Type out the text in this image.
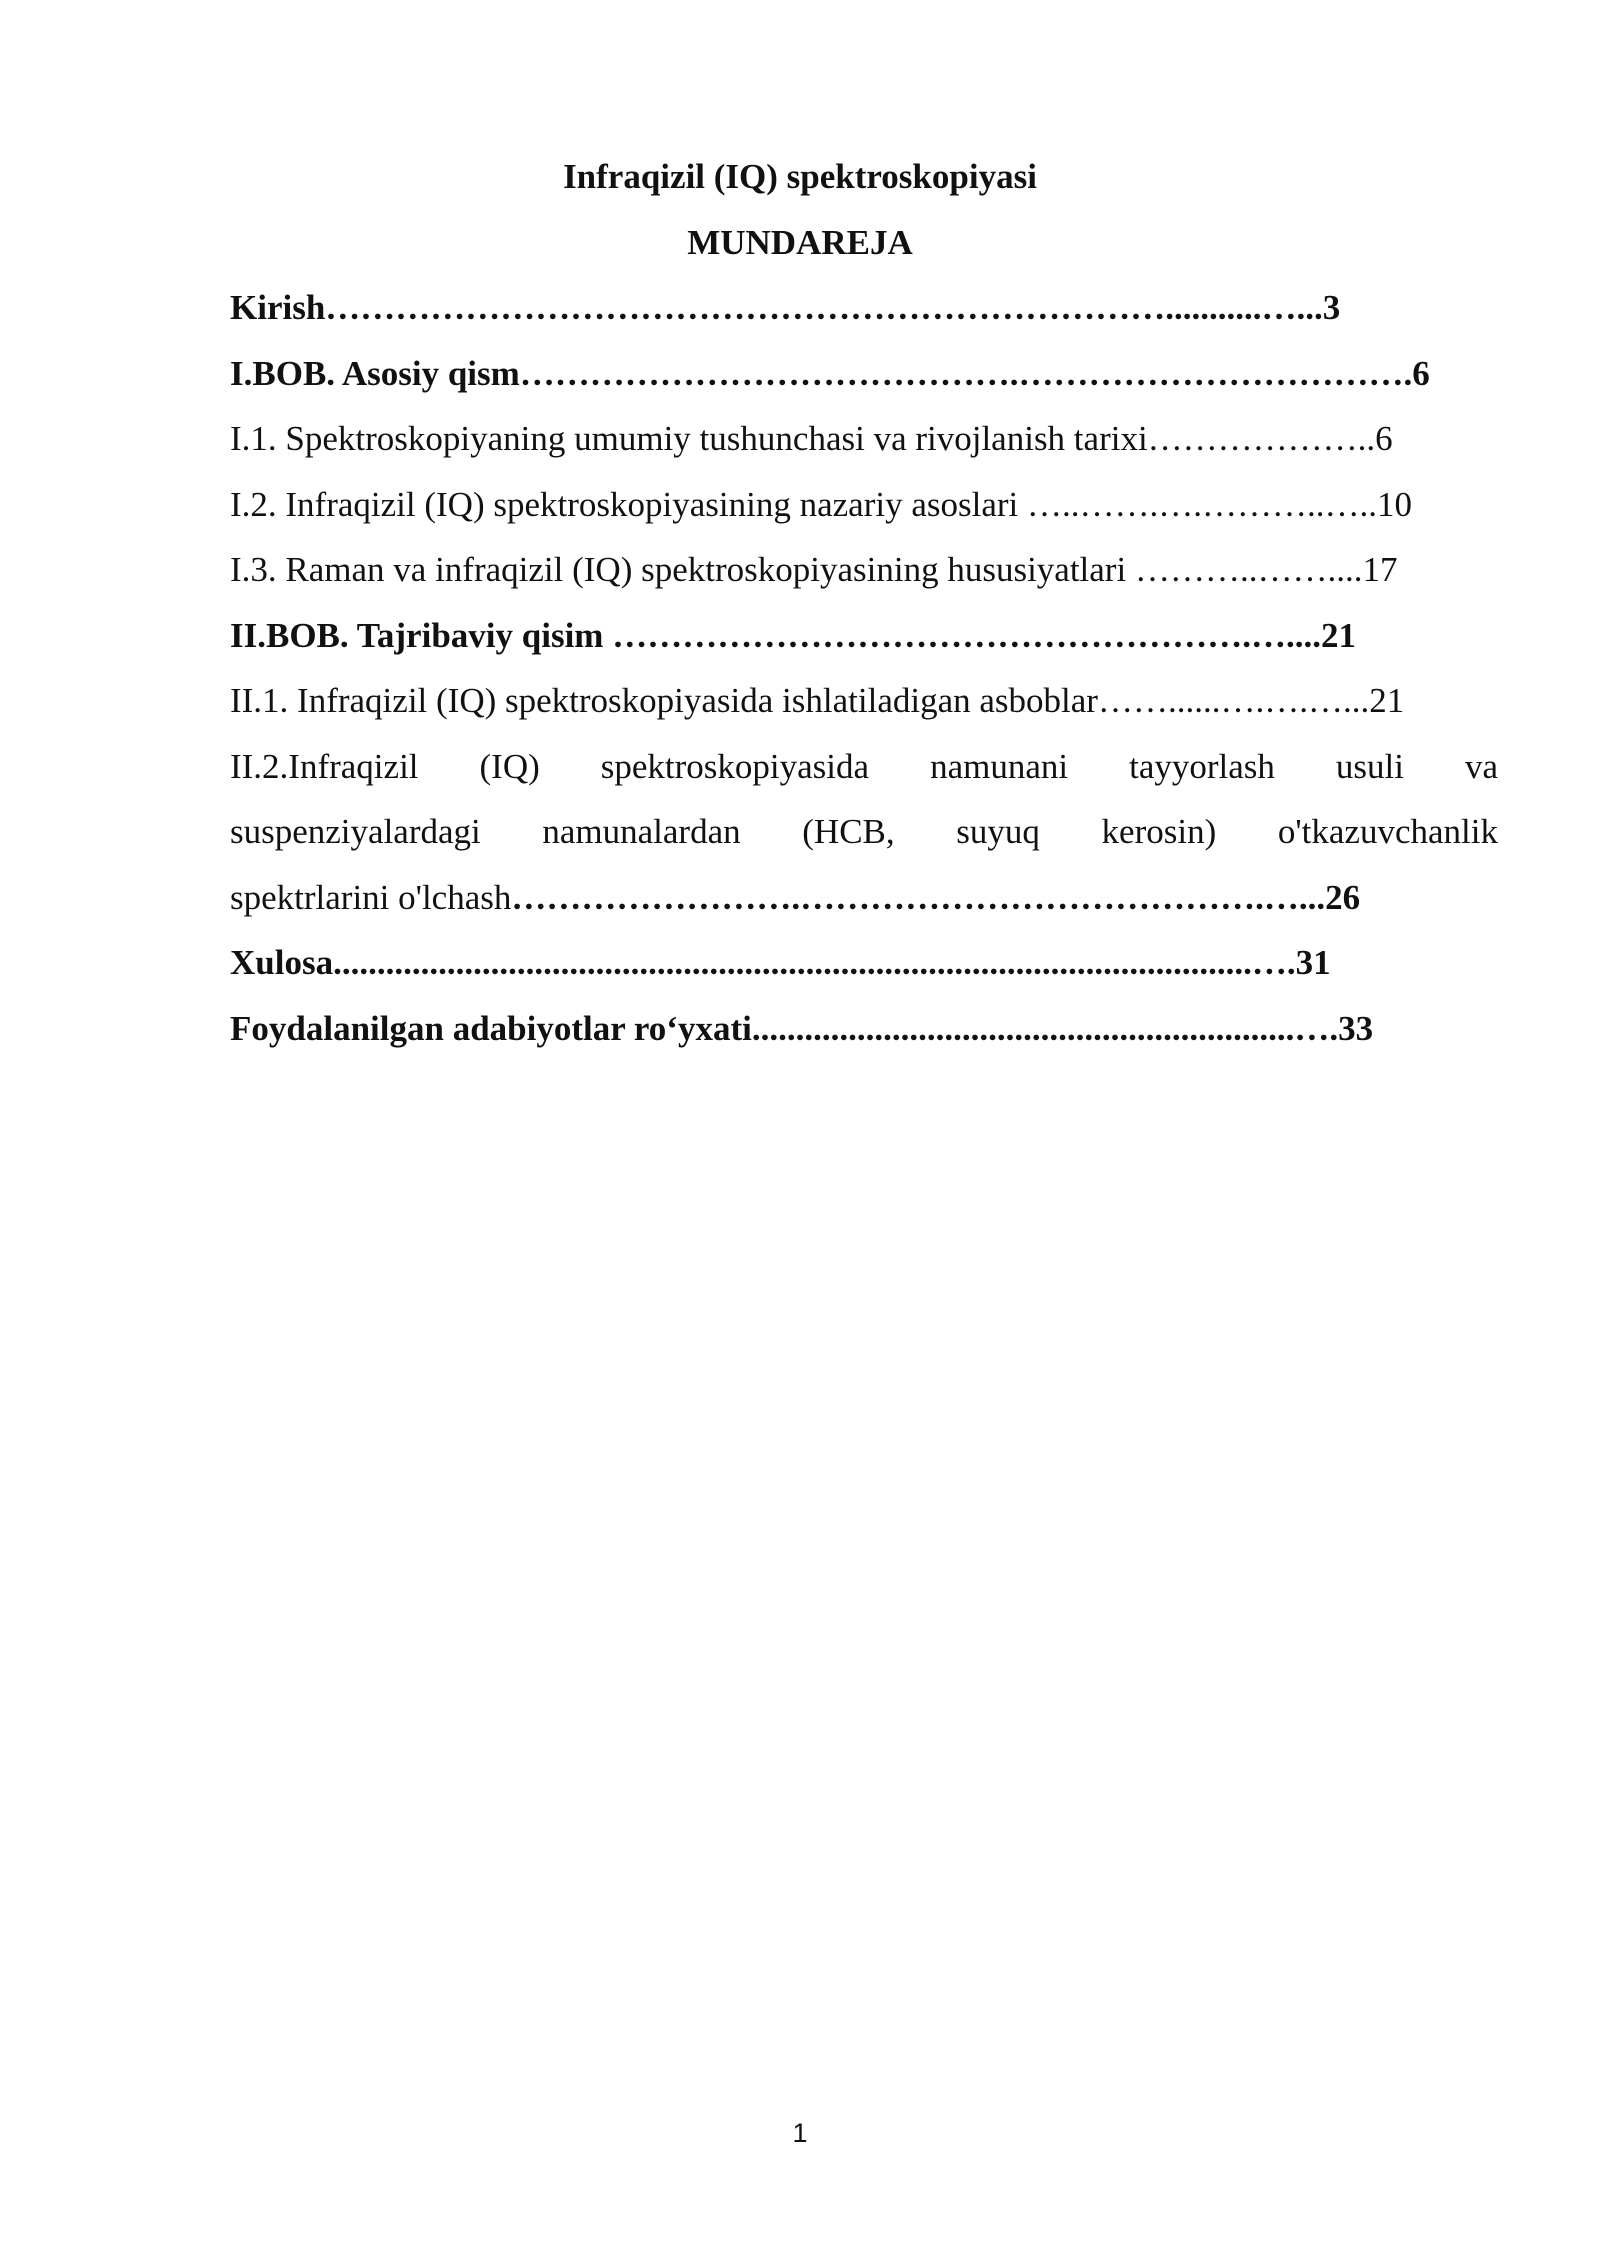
Infraqizil (IQ) spektroskopiyasi
MUNDAREJA
Kirish………………………………………………………………...........…...3
I.BOB. Asosiy qism…………………………………….…………………………….6
I.1. Spektroskopiyaning umumiy tushunchasi va rivojlanish tarixi………………..6
I.2. Infraqizil (IQ) spektroskopiyasining nazariy asoslari …..…….….………..…..10
I.3. Raman va infraqizil (IQ) spektroskopiyasining hususiyatlari ………..……....17
II.BOB. Tajribaviy qisim ……………………………………………….…....21
II.1. Infraqizil (IQ) spektroskopiyasida ishlatiladigan asboblar……......….….…...21
II.2.Infraqizil (IQ) spektroskopiyasida namunani tayyorlash usuli va
suspenziyalardagi namunalardan (HCB, suyuq kerosin) o'tkazuvchanlik
spektrlarini o'lchash…………………….………………………………….…...26
Xulosa.........................................................................................................….31
Foydalanilgan adabiyotlar ro‘yxati..............................................................….33
1
